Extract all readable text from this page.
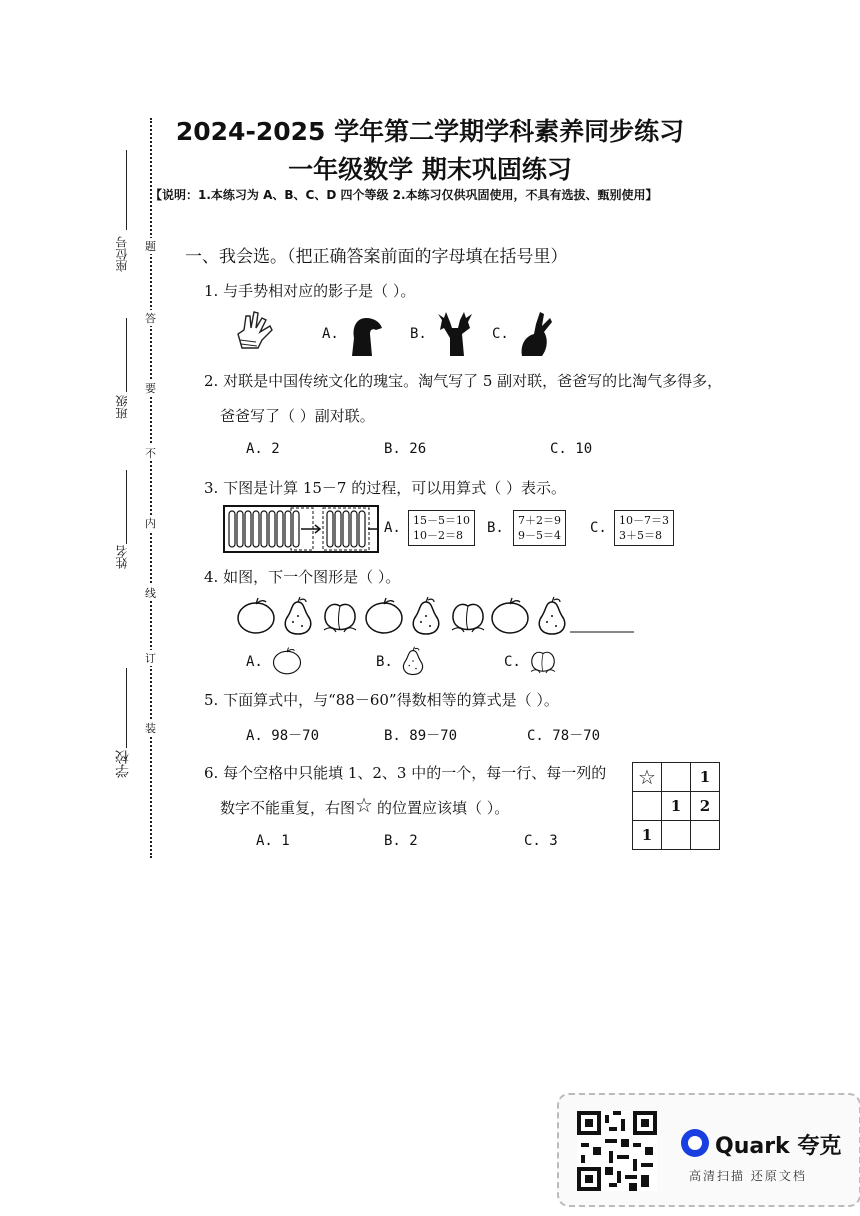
题
答
要
不
内
线
订
装
座位号
班级
姓名
学校
2024-2025 学年第二学期学科素养同步练习
一年级数学 期末巩固练习
【说明：1.本练习为 A、B、C、D 四个等级 2.本练习仅供巩固使用，不具有选拔、甄别使用】
一、我会选。（把正确答案前面的字母填在括号里）
1. 与手势相对应的影子是（ ）。
A.	B.	C.
2. 对联是中国传统文化的瑰宝。淘气写了 5 副对联，爸爸写的比淘气多得多，
爸爸写了（ ）副对联。
A. 2	B. 26	C. 10
3. 下图是计算 15－7 的过程，可以用算式（ ）表示。
A. 15－5＝10
10－2＝8	B. 7＋2＝9
9－5＝4 C. 10－7＝3
3＋5＝8
4. 如图，下一个图形是（ ）。
A.	B.	C.
5. 下面算式中，与“88－60”得数相等的算式是（ ）。
A. 98－70	B. 89－70	C. 78－70
6. 每个空格中只能填 1、2、3 中的一个，每一行、每一列的
数字不能重复，右图 ☆ 的位置应该填（ ）。
A. 1	B. 2	C. 3
☆		1
	1	2
1		
Quark 夸克
高清扫描 还原文档
